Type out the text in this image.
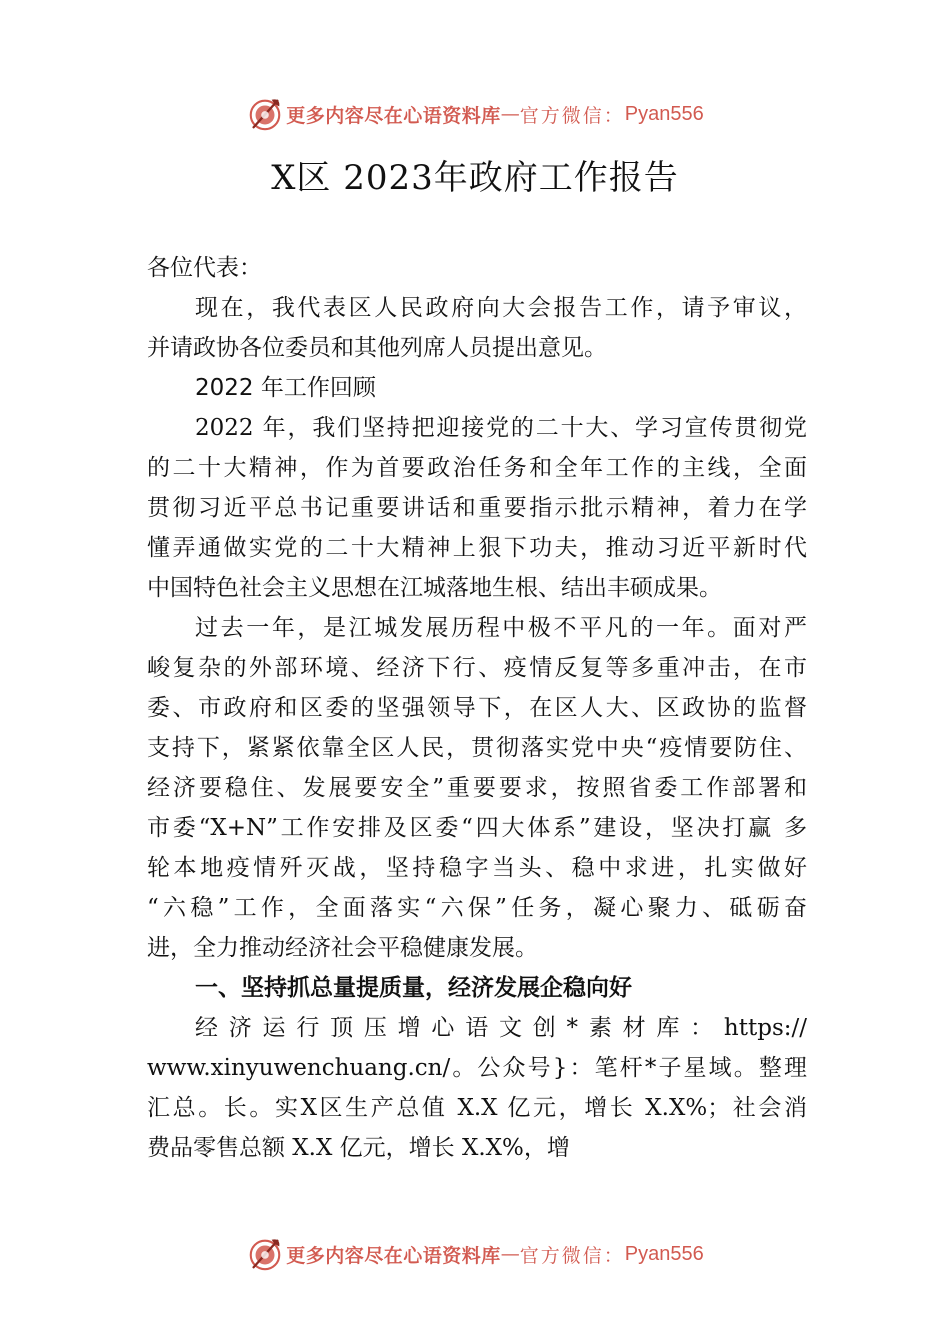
更多内容尽在心语资料库 — 官方微信： Pyan556
X区 2023年政府工作报告
各位代表：
现在，我代表区人民政府向大会报告工作，请予审议，
并请政协各位委员和其他列席人员提出意见。
2022 年工作回顾
2022 年，我们坚持把迎接党的二十大、学习宣传贯彻党
的二十大精神，作为首要政治任务和全年工作的主线，全面
贯彻习近平总书记重要讲话和重要指示批示精神，着力在学
懂弄通做实党的二十大精神上狠下功夫，推动习近平新时代
中国特色社会主义思想在江城落地生根、结出丰硕成果。
过去一年，是江城发展历程中极不平凡的一年。面对严
峻复杂的外部环境、经济下行、疫情反复等多重冲击，在市
委、市政府和区委的坚强领导下，在区人大、区政协的监督
支持下，紧紧依靠全区人民，贯彻落实党中央“疫情要防住、
经济要稳住、发展要安全”重要要求，按照省委工作部署和
市委“X+N”工作安排及区委“四大体系”建设，坚决打赢 多
轮本地疫情歼灭战，坚持稳字当头、稳中求进，扎实做好
“六稳”工作，全面落实“六保”任务，凝心聚力、砥砺奋
进，全力推动经济社会平稳健康发展。
一、坚持抓总量提质量，经济发展企稳向好
经济运行顶压增心语文创*素材库：https://
www.xinyuwenchuang.cn/。公众号}：笔杆*子星域。整理
汇总。长。实X区生产总值 X.X 亿元，增长 X.X%；社会消
费品零售总额 X.X 亿元，增长 X.X%，增
更多内容尽在心语资料库 — 官方微信： Pyan556
